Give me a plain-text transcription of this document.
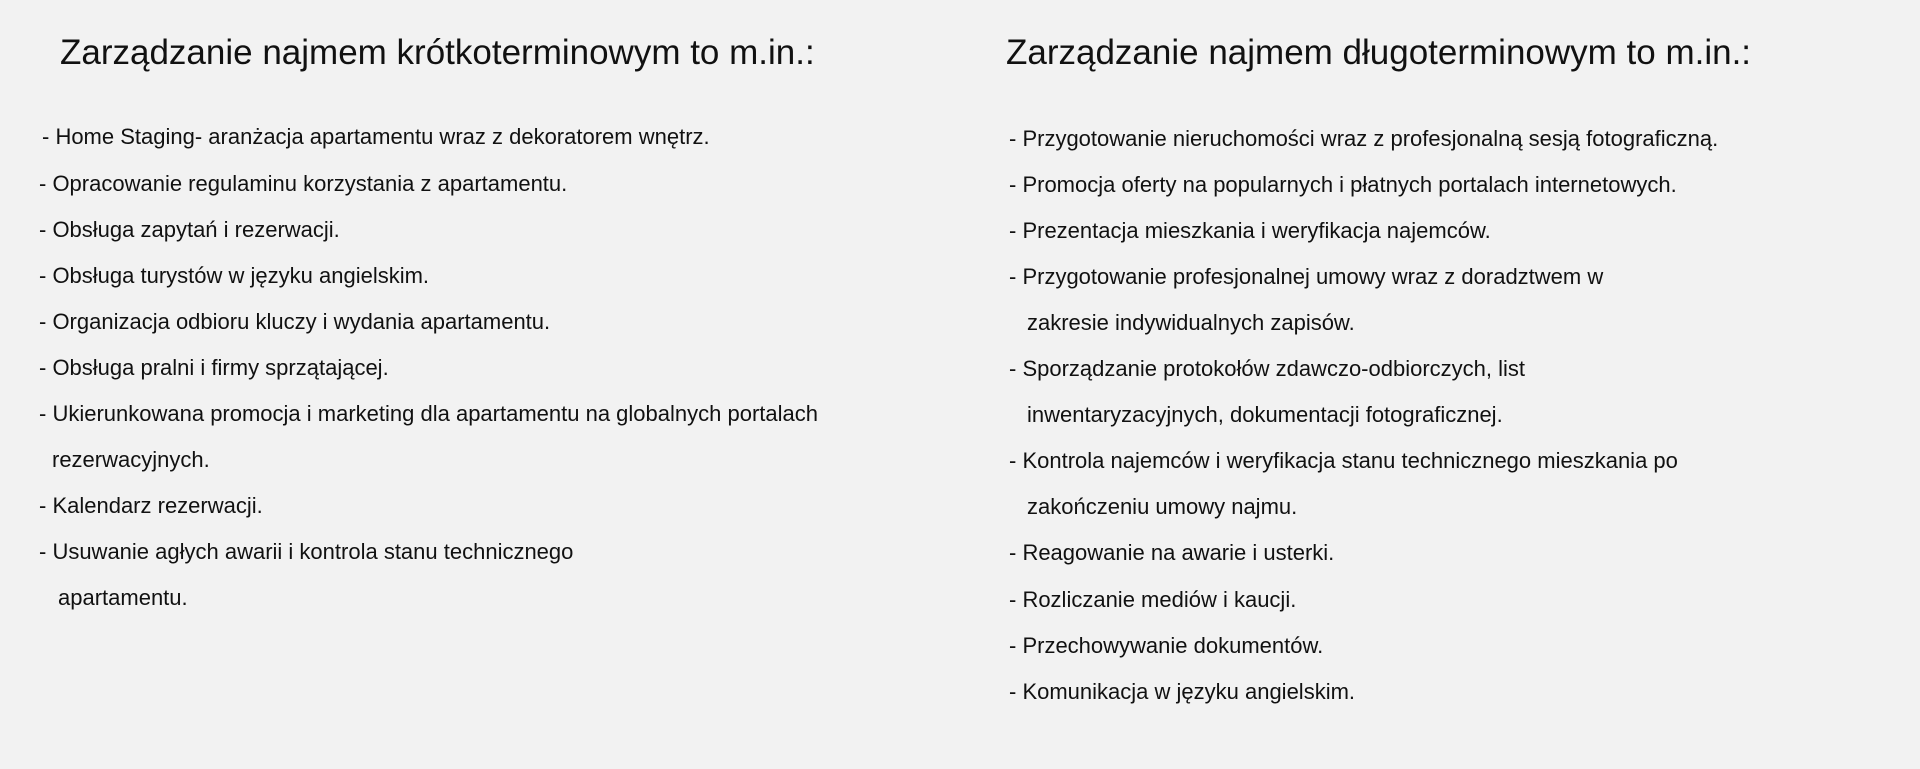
Zarządzanie najmem krótkoterminowym to m.in.:
- Home Staging- aranżacja apartamentu wraz z dekoratorem wnętrz.
- Opracowanie regulaminu korzystania z apartamentu.
- Obsługa zapytań i rezerwacji.
- Obsługa turystów w języku angielskim.
- Organizacja odbioru kluczy i wydania apartamentu.
- Obsługa pralni i firmy sprzątającej.
- Ukierunkowana promocja i marketing dla apartamentu na globalnych portalach
rezerwacyjnych.
- Kalendarz rezerwacji.
- Usuwanie agłych awarii i kontrola stanu technicznego
apartamentu.
Zarządzanie najmem długoterminowym to m.in.:
- Przygotowanie nieruchomości wraz z profesjonalną sesją fotograficzną.
- Promocja oferty na popularnych i płatnych portalach internetowych.
- Prezentacja mieszkania i weryfikacja najemców.
- Przygotowanie profesjonalnej umowy wraz z doradztwem w
zakresie indywidualnych zapisów.
- Sporządzanie protokołów zdawczo-odbiorczych, list
inwentaryzacyjnych, dokumentacji fotograficznej.
- Kontrola najemców i weryfikacja stanu technicznego mieszkania po
zakończeniu umowy najmu.
- Reagowanie na awarie i usterki.
- Rozliczanie mediów i kaucji.
- Przechowywanie dokumentów.
- Komunikacja w języku angielskim.
